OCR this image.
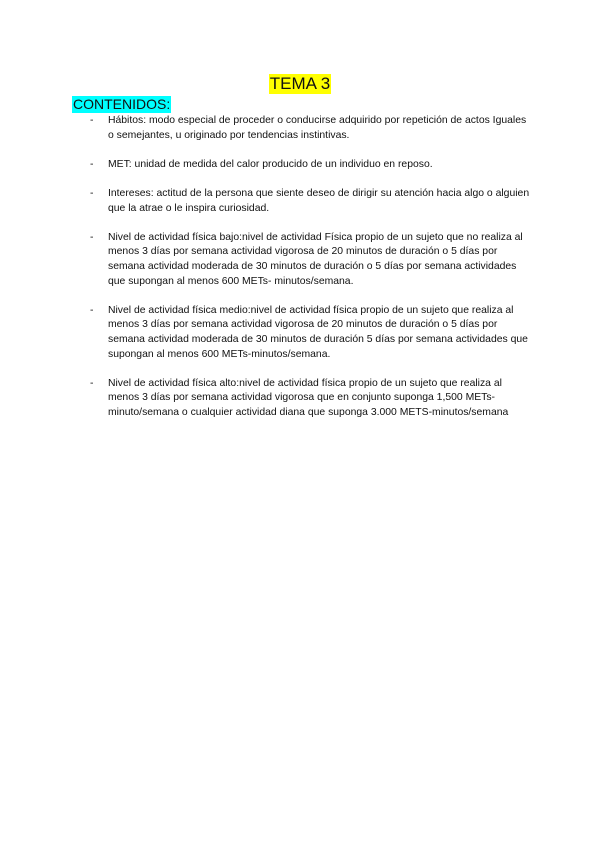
TEMA 3
CONTENIDOS:
- Hábitos: modo especial de proceder o conducirse adquirido por repetición de actos Iguales o semejantes, u originado por tendencias instintivas.
- MET: unidad de medida del calor producido de un individuo en reposo.
- Intereses: actitud de la persona que siente deseo de dirigir su atención hacia algo o alguien que la atrae o le inspira curiosidad.
- Nivel de actividad física bajo:nivel de actividad Física propio de un sujeto que no realiza al menos 3 días por semana actividad vigorosa de 20 minutos de duración o 5 días por semana actividad moderada de 30 minutos de duración o 5 días por semana actividades que supongan al menos 600 METs- minutos/semana.
- Nivel de actividad física medio:nivel de actividad física propio de un sujeto que realiza al menos 3 días por semana actividad vigorosa de 20 minutos de duración o 5 días por semana actividad moderada de 30 minutos de duración 5 días por semana actividades que supongan al menos 600 METs-minutos/semana.
- Nivel de actividad física alto:nivel de actividad física propio de un sujeto que realiza al menos 3 días por semana actividad vigorosa que en conjunto suponga 1,500 METs-minuto/semana o cualquier actividad diana que suponga 3.000 METS-minutos/semana
